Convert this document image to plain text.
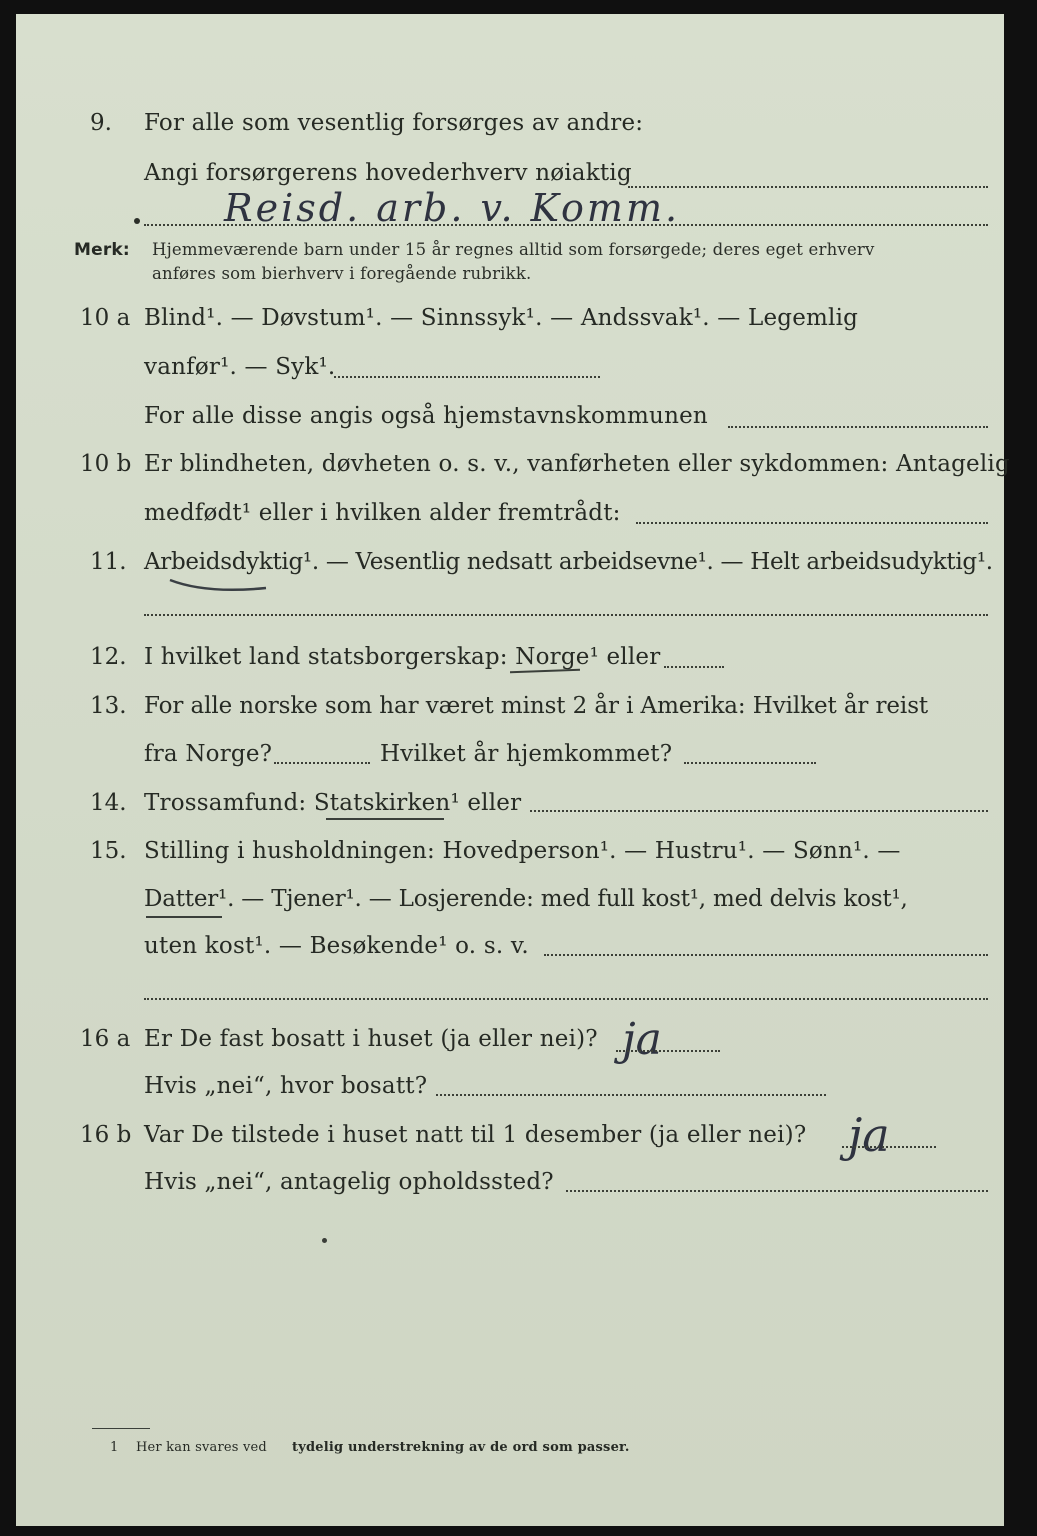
9. For alle som vesentlig forsørges av andre:
Angi forsørgerens hovederhverv nøiaktig
Reisd. arb. v. Komm.
Merk: Hjemmeværende barn under 15 år regnes alltid som forsørgede; deres eget erhverv
anføres som bierhverv i foregående rubrikk.
10 a Blind¹. — Døvstum¹. — Sinnssyk¹. — Andssvak¹. — Legemlig
vanfør¹. — Syk¹.
For alle disse angis også hjemstavnskommunen
10 b Er blindheten, døvheten o. s. v., vanførheten eller sykdommen: Antagelig
medfødt¹ eller i hvilken alder fremtrådt:
11. Arbeidsdyktig¹. — Vesentlig nedsatt arbeidsevne¹. — Helt arbeidsudyktig¹.
12. I hvilket land statsborgerskap: Norge¹ eller
13. For alle norske som har været minst 2 år i Amerika: Hvilket år reist
fra Norge?	Hvilket år hjemkommet?
14. Trossamfund: Statskirken¹ eller
15. Stilling i husholdningen: Hovedperson¹. — Hustru¹. — Sønn¹. —
Datter¹. — Tjener¹. — Losjerende: med full kost¹, med delvis kost¹,
uten kost¹. — Besøkende¹ o. s. v.
16 a Er De fast bosatt i huset (ja eller nei)? ja
Hvis „nei“, hvor bosatt?
16 b Var De tilstede i huset natt til 1 desember (ja eller nei)? ja
Hvis „nei“, antagelig opholdssted?
1 Her kan svares ved tydelig understrekning av de ord som passer.
